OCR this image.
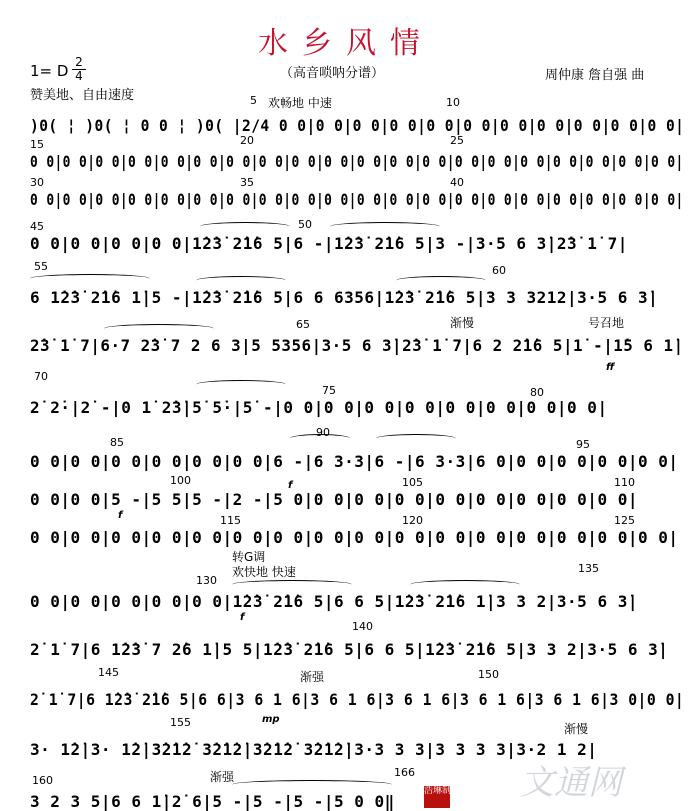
水乡风情
1= D 2
4	（高音唢呐分谱）	周仲康 詹自强 曲
赞美地、自由速度	5	10
15	20	25
30	35	40
45	50
55	60
65
70
75	80
85
90
95
100	105	110
115	120	125
130
135
140
145	150
155
160
166
欢畅地 中速
渐慢	号召地
转G调
欢快地 快速
渐强
渐慢
渐强
ff
f
f
f
mp
)0( ¦ )0( ¦ 0 0 ¦ )0( |2/4 0 0|0 0|0 0|0 0|0 0|0 0|0 0|0 0|0 0|0 0|0 0|
0 0|0 0|0 0|0 0|0 0|0 0|0 0|0 0|0 0|0 0|0 0|0 0|0 0|0 0|0 0|0 0|0 0|0 0|0 0|0 0|
0 0|0 0|0 0|0 0|0 0|0 0|0 0|0 0|0 0|0 0|0 0|0 0|0 0|0 0|0 0|0 0|0 0|0 0|0 0|0 0|
0 0|0 0|0 0|0 0|1̇2̇3̇ 2̇1̇6 5|6 -|1̇2̇3̇ 2̇1̇6 5|3 -|3·5 6 3̇|2̇3̇ 1̇ 7|
6 1̇2̇3̇ 2̇1̇6 1̇|5 -|1̇2̇3̇ 2̇1̇6 5|6 6 6356|1̇2̇3̇ 2̇1̇6 5|3 3 3212|3·5 6 3̇|
2̇3̇ 1̇ 7|6·7 2̇3̇ 7 2 6 3|5 5356|3·5 6 3̇|2̇3̇ 1̇ 7|6 2 2̇1̇6 5|1̇ -|1̇5 6 1̇|
2̇ 2̇·|2̇ -|0 1̇ 2̇3̇|5̇ 5̇·|5̇ -|0 0|0 0|0 0|0 0|0 0|0 0|0 0|0 0|
0 0|0 0|0 0|0 0|0 0|0 0|6 -|6 3·3|6 -|6 3·3|6 0|0 0|0 0|0 0|0 0|
0 0|0 0|5 -|5 5|5 -|2 -|5 0|0 0|0 0|0 0|0 0|0 0|0 0|0 0|0 0|
0 0|0 0|0 0|0 0|0 0|0 0|0 0|0 0|0 0|0 0|0 0|0 0|0 0|0 0|0 0|0 0|
0 0|0 0|0 0|0 0|0 0|1̇2̇3̇ 2̇1̇6 5|6 6 5|1̇2̇3̇ 2̇1̇6 1̇|3 3 2|3·5 6 3̇|
2̇ 1̇ 7|6 1̇2̇3̇ 7 2̇6 1̇|5 5|1̇2̇3̇ 2̇1̇6 5|6 6 5|1̇2̇3̇ 2̇1̇6 5|3 3 2|3·5 6 3̇|
2̇ 1̇ 7|6 1̇2̇3̇ 2̇1̇6 5|6 6|3 6 1 6|3 6 1 6|3 6 1 6|3 6 1 6|3 6 1 6|3 0|0 0|
3· 1̇2̇|3· 1̇2̇|3̇2̇1̇2̇ 3̇2̇1̇2̇|3̇2̇1̇2̇ 3̇2̇1̇2̇|3·3 3 3|3 3 3 3|3·2 1 2|
3 2 3 5|6 6 1̇|2̇ 6|5 -|5 -|5 -|5 0 0‖	文通网
浩琳制谱
